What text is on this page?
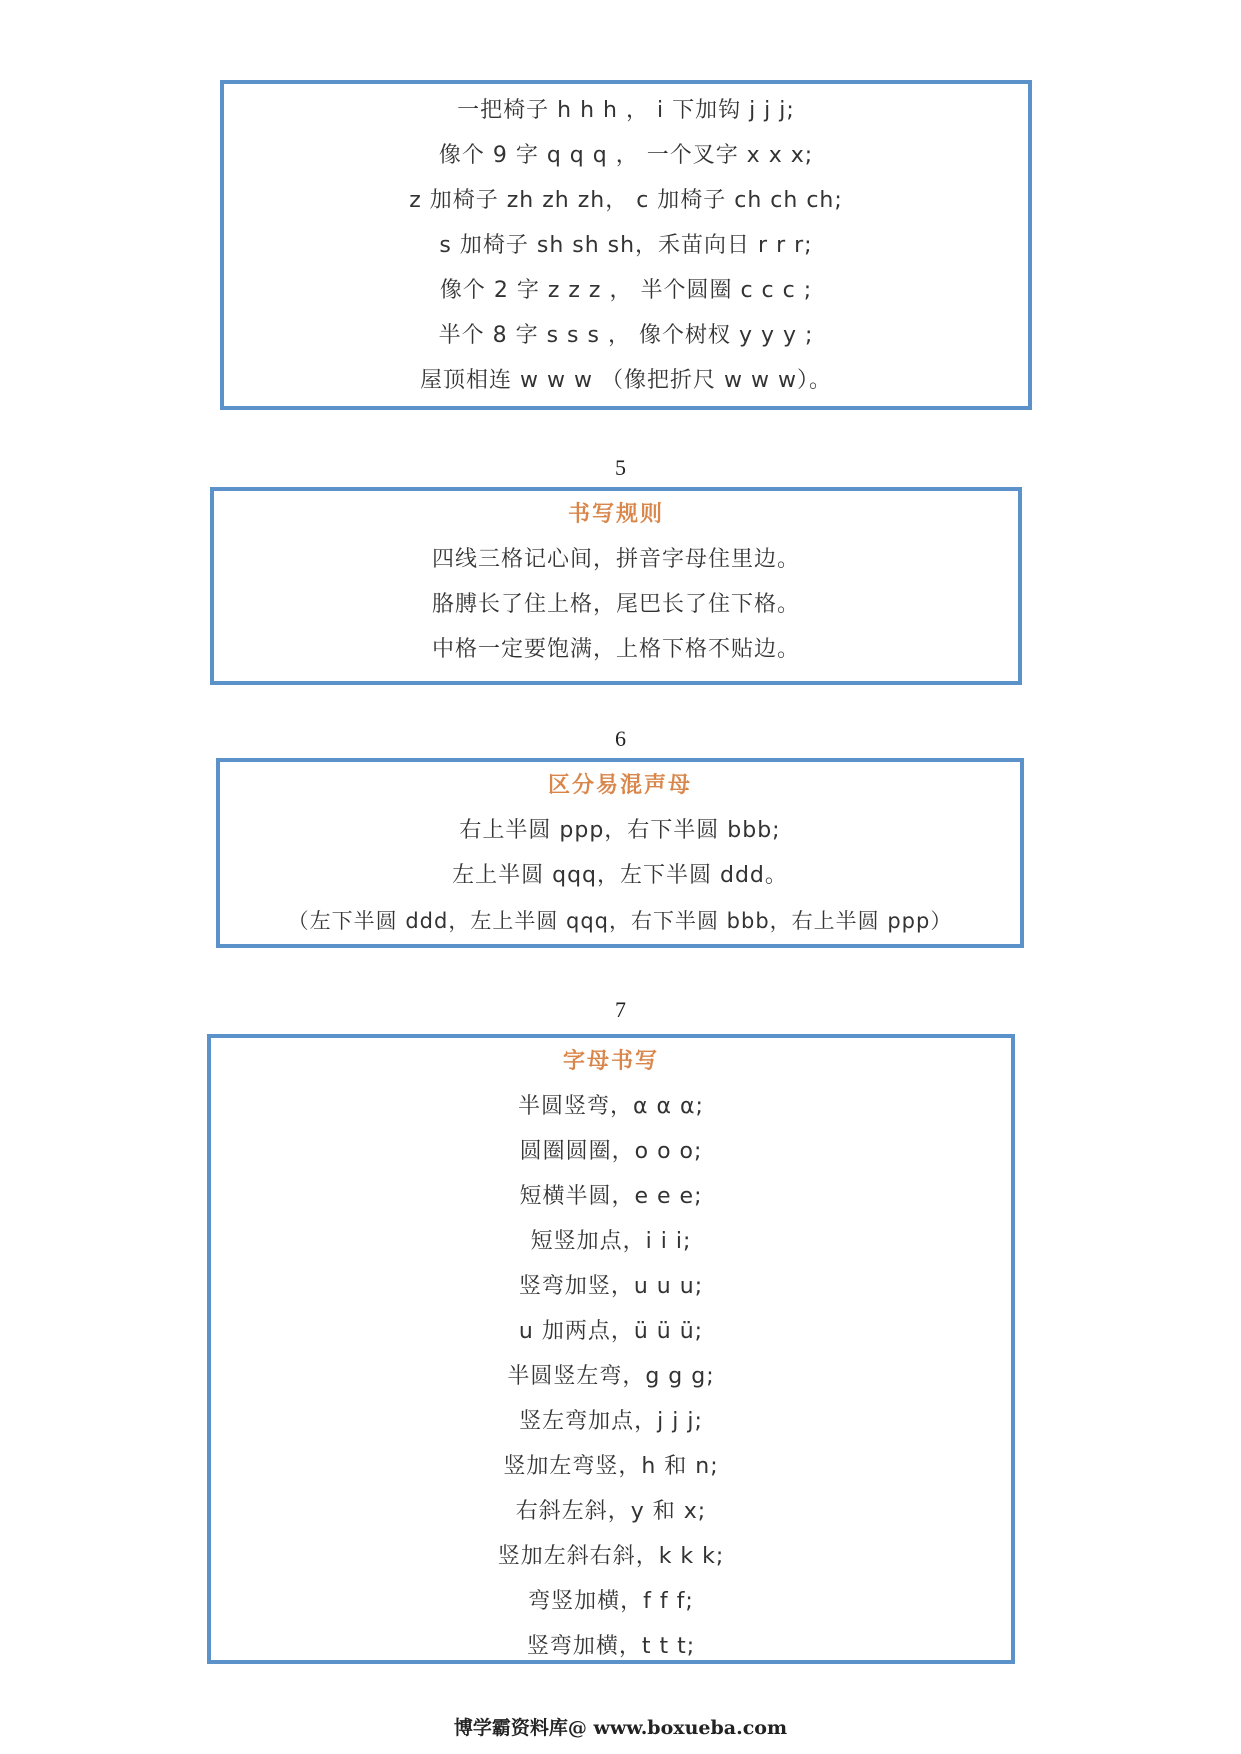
一把椅子 h h h ， i 下加钩 j j j;
像个 9 字 q q q ， 一个叉字 x x x;
z 加椅子 zh zh zh， c 加椅子 ch ch ch;
s 加椅子 sh sh sh，禾苗向日 r r r;
像个 2 字 z z z ， 半个圆圈 c c c ;
半个 8 字 s s s ， 像个树杈 y y y ;
屋顶相连 w w w （像把折尺 w w w）。
5
书写规则
四线三格记心间，拼音字母住里边。
胳膊长了住上格，尾巴长了住下格。
中格一定要饱满，上格下格不贴边。
6
区分易混声母
右上半圆 ppp，右下半圆 bbb;
左上半圆 qqq，左下半圆 ddd。
（左下半圆 ddd，左上半圆 qqq，右下半圆 bbb，右上半圆 ppp）
7
字母书写
半圆竖弯，α α α;
圆圈圆圈，o o o;
短横半圆，e e e;
短竖加点，i i i;
竖弯加竖，u u u;
u 加两点，ü ü ü;
半圆竖左弯，g g g;
竖左弯加点，j j j;
竖加左弯竖，h 和 n;
右斜左斜，y 和 x;
竖加左斜右斜，k k k;
弯竖加横，f f f;
竖弯加横，t t t;
博学霸资料库@ www.boxueba.com
